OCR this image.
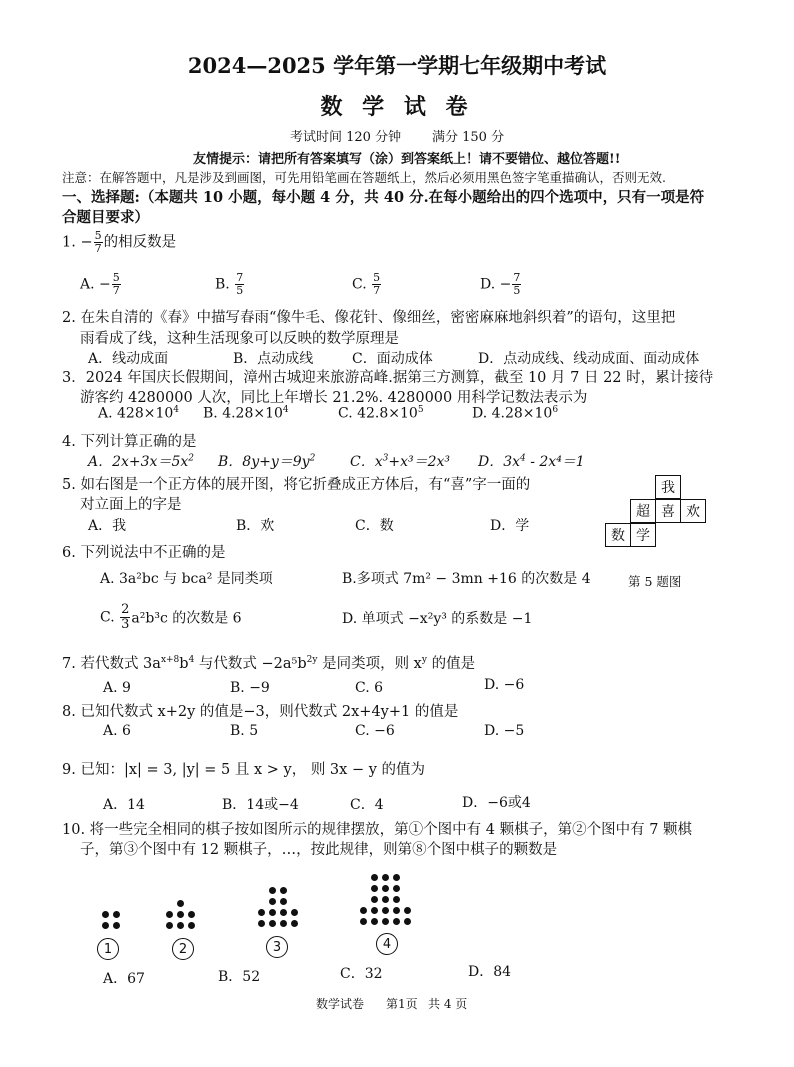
2024—2025 学年第一学期七年级期中考试
数 学 试 卷
考试时间 120 分钟 满分 150 分
友情提示：请把所有答案填写（涂）到答案纸上！请不要错位、越位答题!!
注意：在解答题中，凡是涉及到画图，可先用铅笔画在答题纸上，然后必须用黑色签字笔重描确认，否则无效.
一、选择题:（本题共 10 小题，每小题 4 分，共 40 分.在每小题给出的四个选项中，只有一项是符
合题目要求）
1. − $\frac{5}{7}$ 的相反数是
A. − $\frac{5}{7}$	B. $\frac{7}{5}$	C. $\frac{5}{7}$	D. − $\frac{7}{5}$
2. 在朱自清的《春》中描写春雨“像牛毛、像花针、像细丝，密密麻麻地斜织着”的语句，这里把
雨看成了线，这种生活现象可以反映的数学原理是
A．线动成面	B．点动成线	C．面动成体	D．点动成线、线动成面、面动成体
3．2024 年国庆长假期间，漳州古城迎来旅游高峰.据第三方测算，截至 10 月 7 日 22 时，累计接待
游客约 4280000 人次，同比上年增长 21.2%. 4280000 用科学记数法表示为
A. $428\times 10^4$ B. $4.28\times 10^4$	C. $42.8\times 10^5$	D. $4.28\times 10^6$
4. 下列计算正确的是
A．$2x+3x=5x^2$ B．$8y+y=9y^2$ C．$x^3+x^3=2x^3$ D．$3x^4 - 2x^4=1$
5. 如右图是一个正方体的展开图，将它折叠成正方体后，有“喜”字一面的
对立面上的字是
A．我	B．欢	C．数	D．学
我
超 喜 欢
数 学
第 5 题图
6. 下列说法中不正确的是
A. 3a²bc 与 bca² 是同类项	B.多项式 7m² − 3mn +16 的次数是 4
C. $\frac{2}{3} a^2b^3c$ 的次数是 6	D. 单项式 −x²y³ 的系数是 −1
7. 若代数式 $3a^{x+8}b^4$ 与代数式 $-2a^5b^{2y}$ 是同类项，则 $x^y$ 的值是
A. 9	B. −9	C. 6	D. −6
8. 已知代数式 x+2y 的值是−3，则代数式 2x+4y+1 的值是
A. 6	B. 5	C. −6	D. −5
9. 已知：|x| = 3, |y| = 5 且 x > y， 则 3x − y 的值为
A．14	B．14或−4	C．4	D．−6或4
10. 将一些完全相同的棋子按如图所示的规律摆放，第①个图中有 4 颗棋子，第②个图中有 7 颗棋
子，第③个图中有 12 颗棋子，…，按此规律，则第⑧个图中棋子的颗数是
1	2	3	4
A．67	B．52	C．32	D．84
数学试卷 第1页 共 4 页
